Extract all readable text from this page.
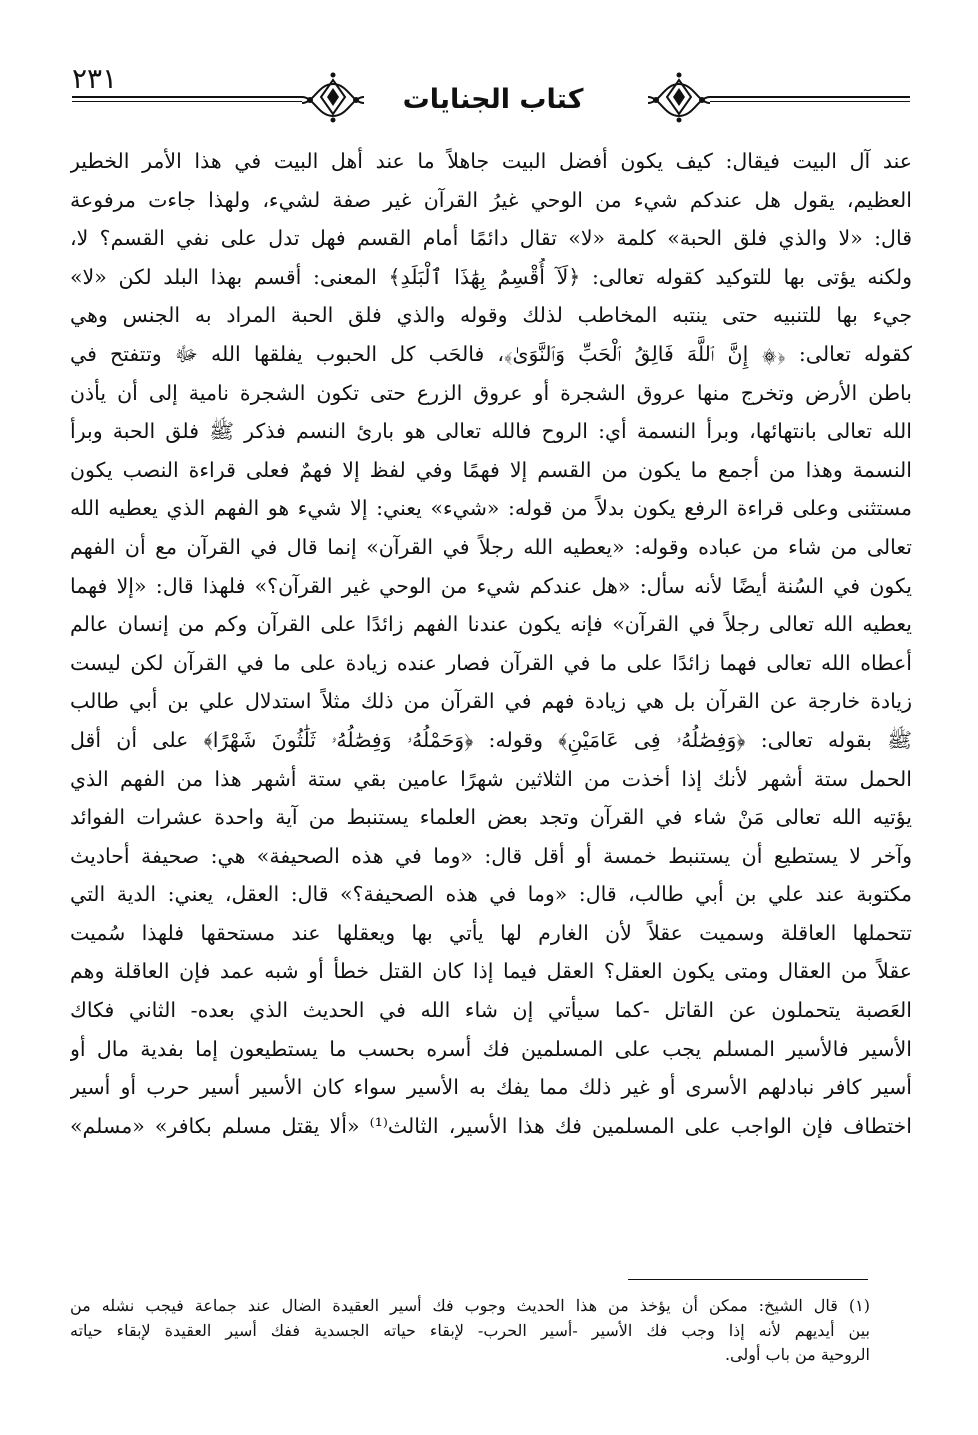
٢٣١
كتاب الجنايات
عند آل البيت فيقال: كيف يكون أفضل البيت جاهلاً ما عند أهل البيت في هذا الأمر الخطير
العظيم، يقول هل عندكم شيء من الوحي غيرُ القرآن غير صفة لشيء، ولهذا جاءت مرفوعة
قال: «لا والذي فلق الحبة» كلمة «لا» تقال دائمًا أمام القسم فهل تدل على نفي القسم؟ لا،
ولكنه يؤتى بها للتوكيد كقوله تعالى: ﴿لَآ أُقْسِمُ بِهَٰذَا ٱلْبَلَدِ﴾ المعنى: أقسم بهذا البلد لكن «لا»
جيء بها للتنبيه حتى ينتبه المخاطب لذلك وقوله والذي فلق الحبة المراد به الجنس وهي
كقوله تعالى: ﴿۞ إِنَّ ٱللَّهَ فَالِقُ ٱلْحَبِّ وَٱلنَّوَىٰ﴾، فالحَب كل الحبوب يفلقها الله ﷻ وتتفتح في
باطن الأرض وتخرج منها عروق الشجرة أو عروق الزرع حتى تكون الشجرة نامية إلى أن يأذن
الله تعالى بانتهائها، وبرأ النسمة أي: الروح فالله تعالى هو بارئ النسم فذكر ﷺ فلق الحبة وبرأ
النسمة وهذا من أجمع ما يكون من القسم إلا فهمًا وفي لفظ إلا فهمٌ فعلى قراءة النصب يكون
مستثنى وعلى قراءة الرفع يكون بدلاً من قوله: «شيء» يعني: إلا شيء هو الفهم الذي يعطيه الله
تعالى من شاء من عباده وقوله: «يعطيه الله رجلاً في القرآن» إنما قال في القرآن مع أن الفهم
يكون في السُنة أيضًا لأنه سأل: «هل عندكم شيء من الوحي غير القرآن؟» فلهذا قال: «إلا فهما
يعطيه الله تعالى رجلاً في القرآن» فإنه يكون عندنا الفهم زائدًا على القرآن وكم من إنسان عالم
أعطاه الله تعالى فهما زائدًا على ما في القرآن فصار عنده زيادة على ما في القرآن لكن ليست
زيادة خارجة عن القرآن بل هي زيادة فهم في القرآن من ذلك مثلاً استدلال علي بن أبي طالب
ﷺ بقوله تعالى: ﴿وَفِصَٰلُهُۥ فِى عَامَيْنِ﴾ وقوله: ﴿وَحَمْلُهُۥ وَفِصَٰلُهُۥ ثَلَٰثُونَ شَهْرًا﴾ على أن أقل
الحمل ستة أشهر لأنك إذا أخذت من الثلاثين شهرًا عامين بقي ستة أشهر هذا من الفهم الذي
يؤتيه الله تعالى مَنْ شاء في القرآن وتجد بعض العلماء يستنبط من آية واحدة عشرات الفوائد
وآخر لا يستطيع أن يستنبط خمسة أو أقل قال: «وما في هذه الصحيفة» هي: صحيفة أحاديث
مكتوبة عند علي بن أبي طالب، قال: «وما في هذه الصحيفة؟» قال: العقل، يعني: الدية التي
تتحملها العاقلة وسميت عقلاً لأن الغارم لها يأتي بها ويعقلها عند مستحقها فلهذا سُميت
عقلاً من العقال ومتى يكون العقل؟ العقل فيما إذا كان القتل خطأ أو شبه عمد فإن العاقلة وهم
العَصبة يتحملون عن القاتل -كما سيأتي إن شاء الله في الحديث الذي بعده- الثاني فكاك
الأسير فالأسير المسلم يجب على المسلمين فك أسره بحسب ما يستطيعون إما بفدية مال أو
أسير كافر نبادلهم الأسرى أو غير ذلك مما يفك به الأسير سواء كان الأسير أسير حرب أو أسير
اختطاف فإن الواجب على المسلمين فك هذا الأسير، الثالث⁽¹⁾ «ألا يقتل مسلم بكافر» «مسلم»
(١) قال الشيخ: ممكن أن يؤخذ من هذا الحديث وجوب فك أسير العقيدة الضال عند جماعة فيجب نشله من
بين أيديهم لأنه إذا وجب فك الأسير -أسير الحرب- لإبقاء حياته الجسدية ففك أسير العقيدة لإبقاء حياته
الروحية من باب أولى.
